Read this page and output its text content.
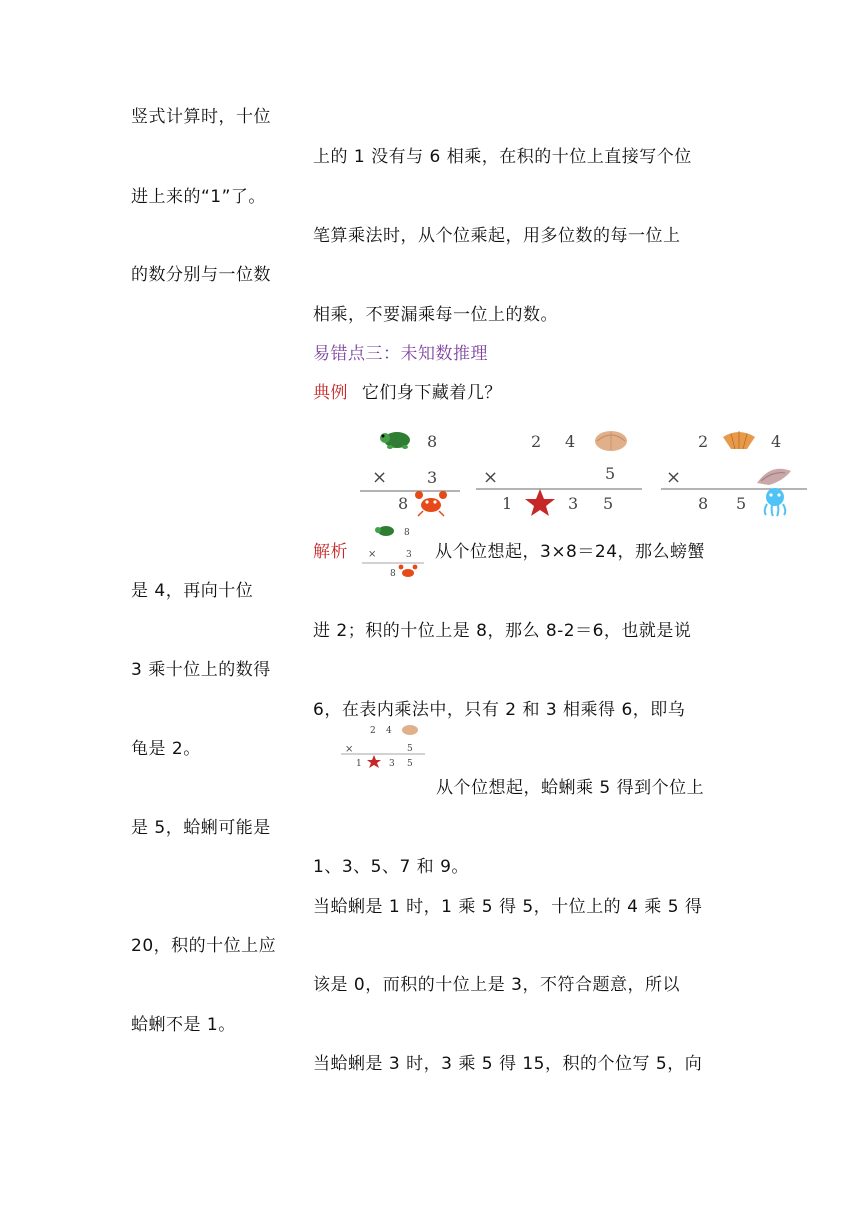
竖式计算时，十位
上的 1 没有与 6 相乘，在积的十位上直接写个位
进上来的“1”了。
笔算乘法时，从个位乘起，用多位数的每一位上
的数分别与一位数
相乘，不要漏乘每一位上的数。
易错点三：未知数推理
典例 它们身下藏着几？
8
× 3
8
2 4
×	5
1	3 5
2	4
×
8 5
解析
8
×	3
8
从个位想起，3×8＝24，那么螃蟹
是 4，再向十位
进 2；积的十位上是 8，那么 8-2＝6，也就是说
3 乘十位上的数得
6，在表内乘法中，只有 2 和 3 相乘得 6，即乌
龟是 2。
2 4
×	5
1	3 5
从个位想起，蛤蜊乘 5 得到个位上
是 5，蛤蜊可能是
1、3、5、7 和 9。
当蛤蜊是 1 时，1 乘 5 得 5，十位上的 4 乘 5 得
20，积的十位上应
该是 0，而积的十位上是 3，不符合题意，所以
蛤蜊不是 1。
当蛤蜊是 3 时，3 乘 5 得 15，积的个位写 5，向
